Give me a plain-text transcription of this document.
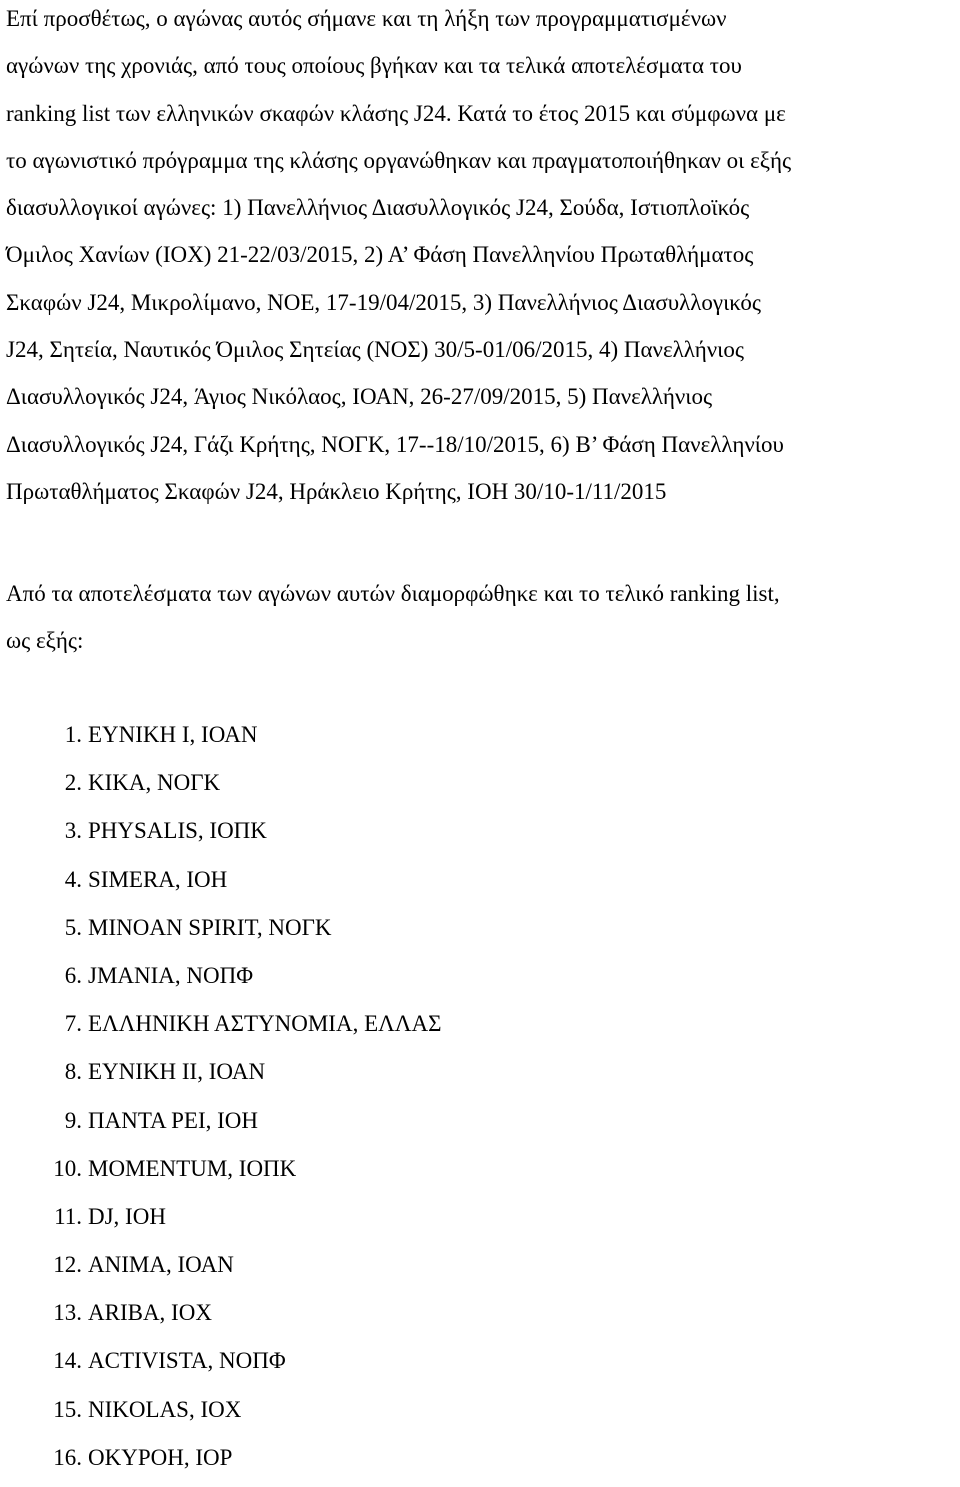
Επί προσθέτως, ο αγώνας αυτός σήμανε και τη λήξη των προγραμματισμένων
αγώνων της χρονιάς, από τους οποίους βγήκαν και τα τελικά αποτελέσματα του
ranking list των ελληνικών σκαφών κλάσης J24. Κατά το έτος 2015 και σύμφωνα με
το αγωνιστικό πρόγραμμα της κλάσης οργανώθηκαν και πραγματοποιήθηκαν οι εξής
διασυλλογικοί αγώνες: 1) Πανελλήνιος Διασυλλογικός J24, Σούδα, Ιστιοπλοϊκός
Όμιλος Χανίων (ΙΟΧ) 21-22/03/2015, 2) Α’ Φάση Πανελληνίου Πρωταθλήματος
Σκαφών J24, Μικρολίμανο, ΝΟΕ, 17-19/04/2015, 3) Πανελλήνιος Διασυλλογικός
J24, Σητεία, Ναυτικός Όμιλος Σητείας (ΝΟΣ) 30/5-01/06/2015, 4) Πανελλήνιος
Διασυλλογικός J24, Άγιος Νικόλαος, ΙΟΑΝ, 26-27/09/2015, 5) Πανελλήνιος
Διασυλλογικός J24, Γάζι Κρήτης, ΝΟΓΚ, 17--18/10/2015, 6) Β’ Φάση Πανελληνίου
Πρωταθλήματος Σκαφών J24, Ηράκλειο Κρήτης, ΙΟΗ 30/10-1/11/2015
Από τα αποτελέσματα των αγώνων αυτών διαμορφώθηκε και το τελικό ranking list,
ως εξής:
1. ΕΥΝΙΚΗ Ι, ΙΟΑΝ
2. ΚΙΚΑ, ΝΟΓΚ
3. PHYSALIS, ΙΟΠΚ
4. SIMERA, ΙΟΗ
5. MINOAN SPIRIT, ΝΟΓΚ
6. JMANIA, ΝΟΠΦ
7. ΕΛΛΗΝΙΚΗ ΑΣΤΥΝΟΜΙΑ, ΕΛΛΑΣ
8. ΕΥΝΙΚΗ ΙΙ, ΙΟΑΝ
9. ΠΑΝΤΑ ΡΕΙ, ΙΟΗ
10. MOMENTUM, ΙΟΠΚ
11. DJ, ΙΟΗ
12. ΑΝΙΜΑ, ΙΟΑΝ
13. ARIBA, ΙΟΧ
14. ACTIVISTA, ΝΟΠΦ
15. NIKOLAS, ΙΟΧ
16. ΟΚΥΡΟΗ, ΙΟΡ
